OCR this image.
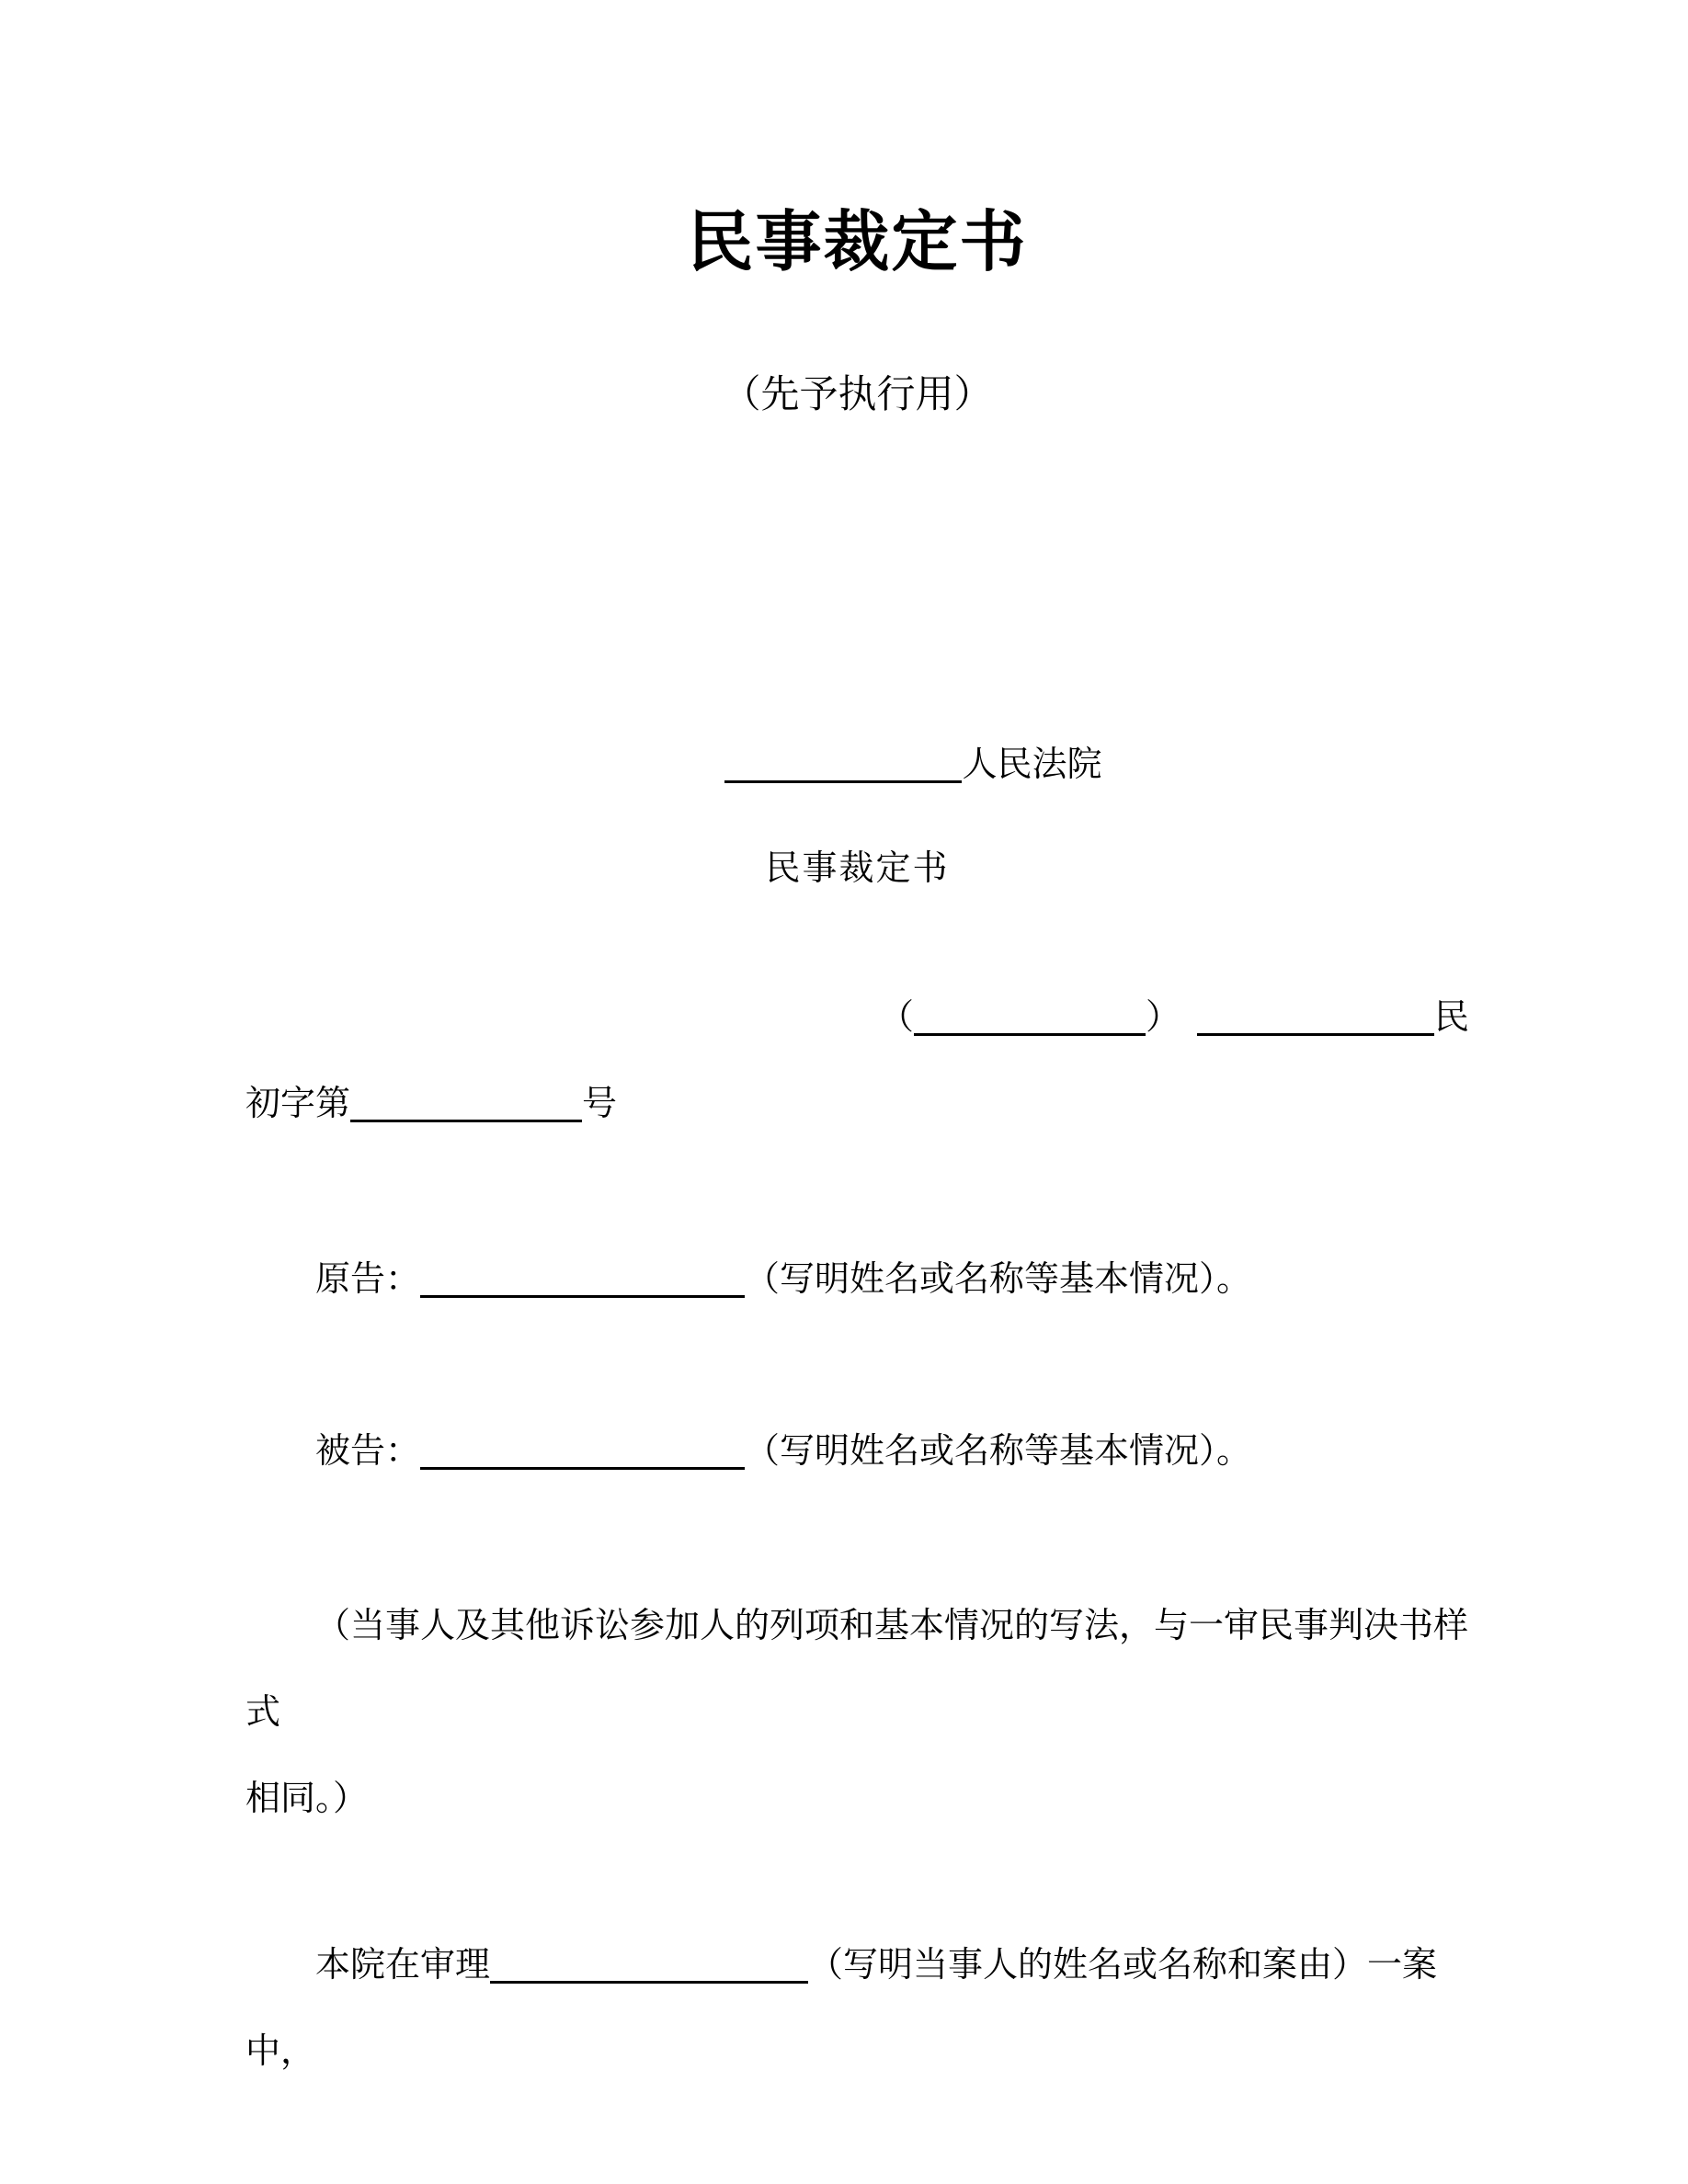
民事裁定书
（先予执行用）
人民法院
民事裁定书
（	）	民
初字第	号
原告：	（写明姓名或名称等基本情况）。
被告：	（写明姓名或名称等基本情况）。
（当事人及其他诉讼参加人的列项和基本情况的写法，与一审民事判决书样式
相同。）
本院在审理	（写明当事人的姓名或名称和案由）一案中，
